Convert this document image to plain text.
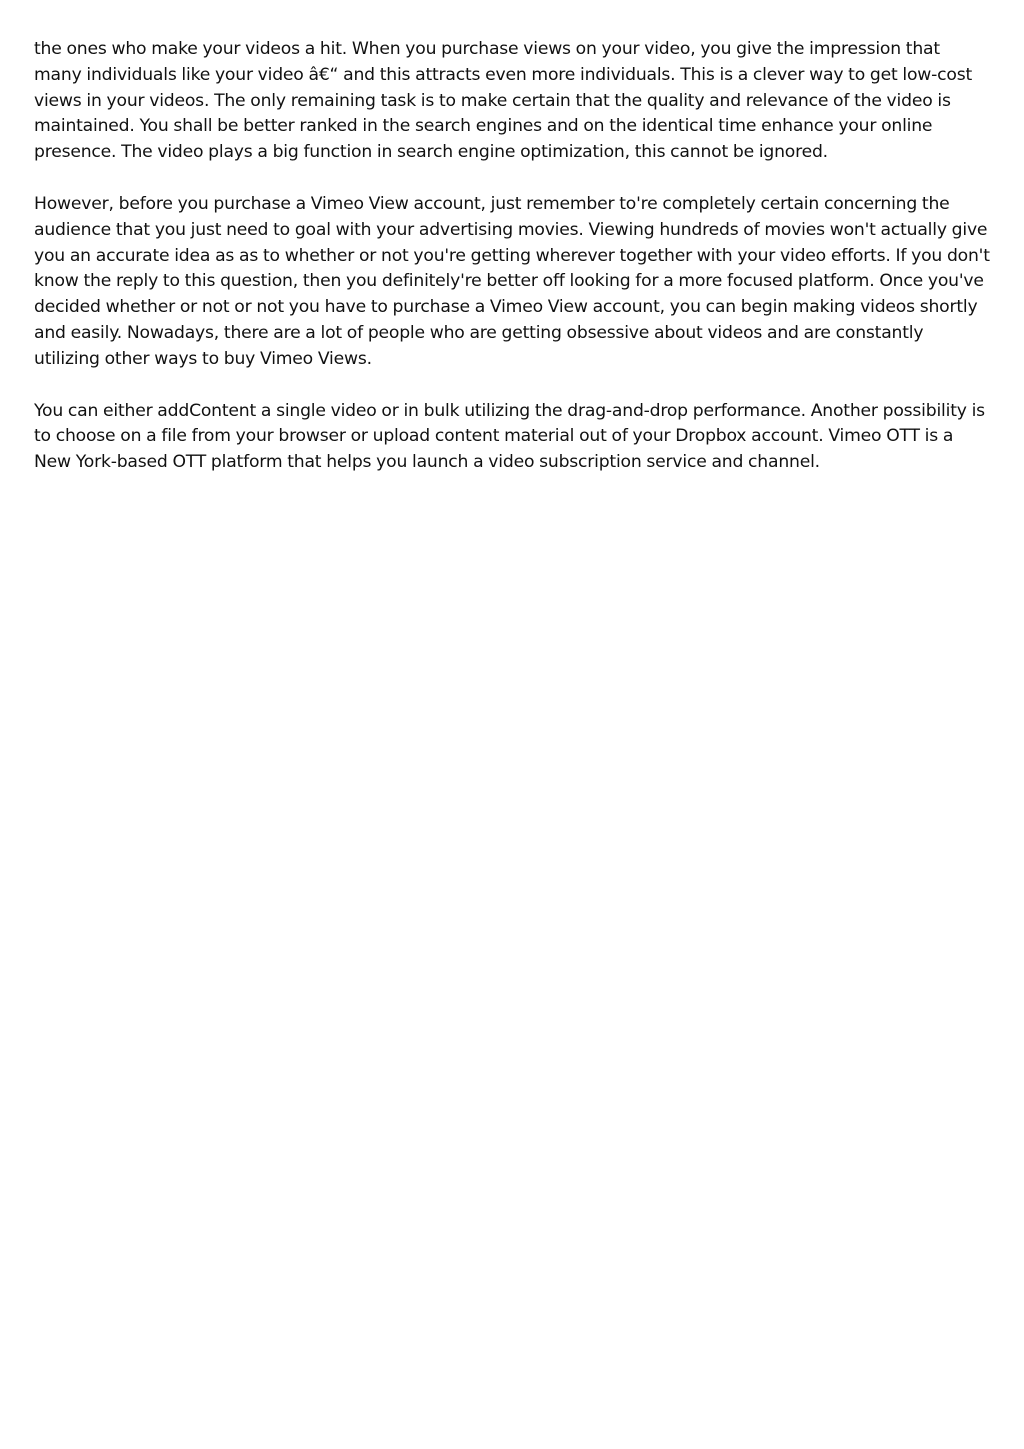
the ones who make your videos a hit. When you purchase views on your video, you give the impression that many individuals like your video â€“ and this attracts even more individuals. This is a clever way to get low-cost views in your videos. The only remaining task is to make certain that the quality and relevance of the video is maintained. You shall be better ranked in the search engines and on the identical time enhance your online presence. The video plays a big function in search engine optimization, this cannot be ignored.

However, before you purchase a Vimeo View account, just remember to're completely certain concerning the audience that you just need to goal with your advertising movies. Viewing hundreds of movies won't actually give you an accurate idea as as to whether or not you're getting wherever together with your video efforts. If you don't know the reply to this question, then you definitely're better off looking for a more focused platform. Once you've decided whether or not or not you have to purchase a Vimeo View account, you can begin making videos shortly and easily. Nowadays, there are a lot of people who are getting obsessive about videos and are constantly utilizing other ways to buy Vimeo Views.

You can either addContent a single video or in bulk utilizing the drag-and-drop performance. Another possibility is to choose on a file from your browser or upload content material out of your Dropbox account. Vimeo OTT is a New York-based OTT platform that helps you launch a video subscription service and channel.
